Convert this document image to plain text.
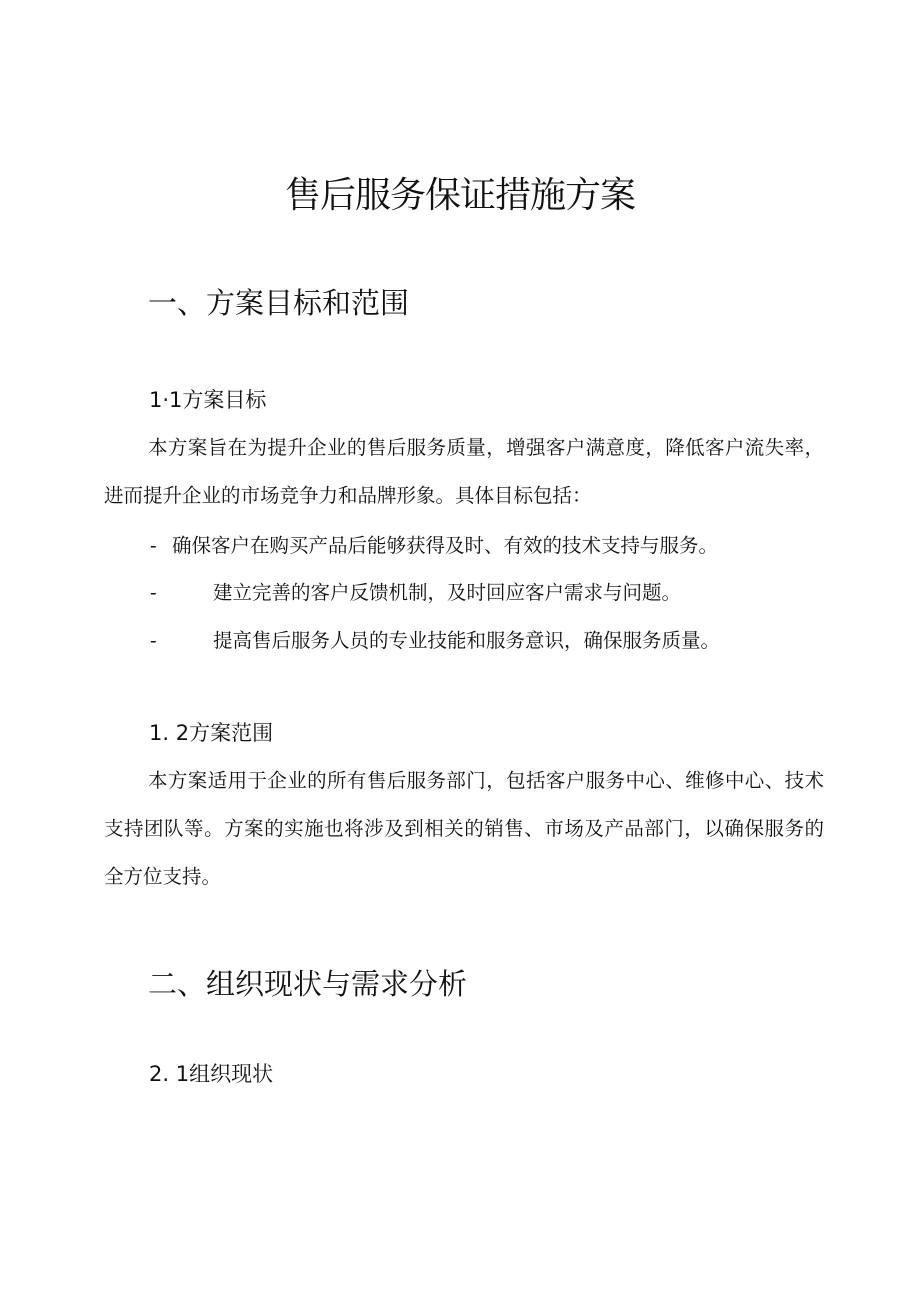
售后服务保证措施方案
一、方案目标和范围
1·1方案目标

本方案旨在为提升企业的售后服务质量，增强客户满意度，降低客户流失率，进而提升企业的市场竞争力和品牌形象。具体目标包括：

- 确保客户在购买产品后能够获得及时、有效的技术支持与服务。
-	建立完善的客户反馈机制，及时回应客户需求与问题。
-	提高售后服务人员的专业技能和服务意识，确保服务质量。
1. 2方案范围

本方案适用于企业的所有售后服务部门，包括客户服务中心、维修中心、技术支持团队等。方案的实施也将涉及到相关的销售、市场及产品部门，以确保服务的全方位支持。

二、组织现状与需求分析
2. 1组织现状
